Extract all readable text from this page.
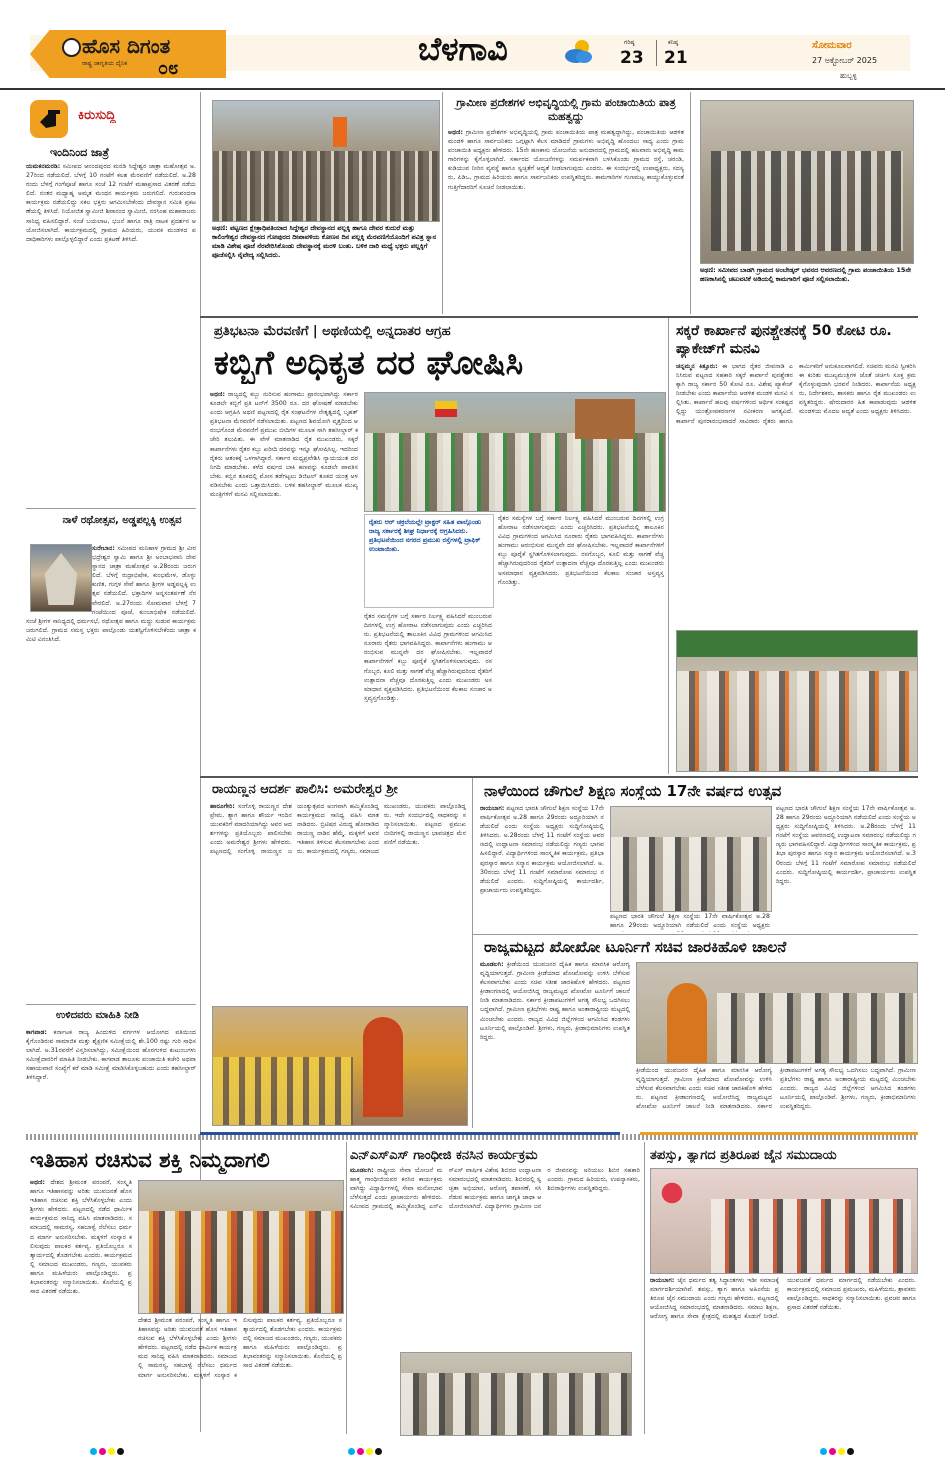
ಹೊಸ ದಿಗಂತ
ರಾಷ್ಟ್ರ ಜಾಗೃತಿಯ ದೈನಿಕ ೦೮
ಬೆಳಗಾವಿ	ಗರಿಷ್ಠ
23
ಕನಿಷ್ಠ
21
ಸೋಮವಾರ
27 ಅಕ್ಟೋಬರ್ 2025
ಹುಬ್ಬಳ್ಳಿ
ಕಿರುಸುದ್ದಿ
ಇಂದಿನಿಂದ ಜಾತ್ರೆ
ಯಮಕನಮರಡಿ: ಸಮೀಪದ ಆನಂದಪುರದ ಮರಡಿ ಸಿದ್ದೇಶ್ವರ ಜಾತ್ರಾ ಮಹೋತ್ಸವ ಅ.27ರಿಂದ ನಡೆಯಲಿದೆ. ಬೆಳಗ್ಗೆ 10 ಗಂಟೆಗೆ ಕಲಶ ಮೆರವಣಿಗೆ ನಡೆಯಲಿದೆ. ಅ.28 ರಂದು ಬೆಳಗ್ಗೆ ಗಂಗೆಪೂಜೆ ಹಾಗೂ ಸಂಜೆ 12 ಗಂಟೆಗೆ ಮಹಾಪ್ರಸಾದ ವಿತರಣೆ ನಡೆಯಲಿದೆ. ನಂತರ ಮಧ್ಯಾಹ್ನ ಅಮೃತ ಮಂಥನ ಕಾರ್ಯಕ್ರಮ ಜರುಗಲಿದೆ. ಗುರುವಂದನಾ ಕಾರ್ಯಕ್ರಮ ನಡೆಯಲಿದ್ದು ಸಕಲ ಭಕ್ತರು ಆಗಮಿಸಬೇಕೆಂದು ದೇವಸ್ಥಾನ ಸಮಿತಿ ಪ್ರಕಟಣೆಯಲ್ಲಿ ತಿಳಿಸಿದೆ. ನಿಯೋಜಿತ ಸ್ವಾಮೀಜಿ ಶಿವಾನಂದ ಸ್ವಾಮೀಜಿ, ನರಸಿಂಹ ಮಹಾರಾಜರು ಸಾನಿಧ್ಯ ವಹಿಸಲಿದ್ದಾರೆ. ಸಂಜೆ ಬಯಲಾಟ, ಭಜನೆ ಹಾಗೂ ರಾತ್ರಿ ನಾಟಕ ಪ್ರದರ್ಶನ ಆಯೋಜಿಸಲಾಗಿದೆ. ಕಾರ್ಯಕ್ರಮದಲ್ಲಿ ಗ್ರಾಮದ ಹಿರಿಯರು, ಯುವಕ ಮಂಡಳದ ಪದಾಧಿಕಾರಿಗಳು ಪಾಲ್ಗೊಳ್ಳಲಿದ್ದಾರೆ ಎಂದು ಪ್ರಕಟಣೆ ತಿಳಿಸಿದೆ.
ನಾಳೆ ರಥೋತ್ಸವ, ಅಡ್ಡಪಲ್ಲಕ್ಕಿ ಉತ್ಸವ
ಸುರೇಬಾನ: ಸಮೀಪದ ಮನಿಹಾಳ ಗ್ರಾಮದ ಶ್ರೀ ವೀರಭದ್ರೇಶ್ವರ ಸ್ವಾಮಿ ಹಾಗೂ ಶ್ರೀ ಅಂಬಾಭವಾನಿ ದೇವಸ್ಥಾನದ ಜಾತ್ರಾ ಮಹೋತ್ಸವ ಅ.28ರಂದು ಜರುಗಲಿದೆ. ಬೆಳಗ್ಗೆ ರುದ್ರಾಭಿಷೇಕ, ಕುಂಭಮೇಳ, ಡೊಳ್ಳು ಕುಣಿತ, ಗುಗ್ಗಳ ಸೇವೆ ಹಾಗೂ ಶ್ರೀಗಳ ಅಡ್ಡಪಲ್ಲಕ್ಕಿ ಉತ್ಸವ ನಡೆಯಲಿದೆ. ಭಕ್ತಾದಿಗಳ ಅನ್ನಸಂತರ್ಪಣೆ ನೆರವೇರಲಿದೆ. ಅ.27ರಂದು ಸೋಮವಾರ ಬೆಳಗ್ಗೆ 7 ಗಂಟೆಯಿಂದ ಪೂಜೆ, ಕುಂಬಾಭಿಷೇಕ ನಡೆಯಲಿದೆ. ಸಂಜೆ ಶ್ರೀಗಳ ಸಾನಿಧ್ಯದಲ್ಲಿ ಧರ್ಮಸಭೆ, ರಥೋತ್ಸವ ಹಾಗೂ ಮದ್ದು ಸುಡುವ ಕಾರ್ಯಕ್ರಮ ಜರುಗಲಿದೆ. ಗ್ರಾಮದ ಸಮಸ್ತ ಭಕ್ತರು ಪಾಲ್ಗೊಂಡು ಯಶಸ್ವಿಗೊಳಿಸಬೇಕೆಂದು ಜಾತ್ರಾ ಕಮಿಟಿ ವಿನಂತಿಸಿದೆ.
ಉಳಿದವರು ಮಾಹಿತಿ ನೀಡಿ
ಕಾಗವಾಡ: ಕರ್ನಾಟಕ ರಾಜ್ಯ ಹಿಂದುಳಿದ ವರ್ಗಗಳ ಆಯೋಗದ ವತಿಯಿಂದ ಕೈಗೊಂಡಿರುವ ಸಾಮಾಜಿಕ ಮತ್ತು ಶೈಕ್ಷಣಿಕ ಸಮೀಕ್ಷೆಯಲ್ಲಿ ಶೇ.100 ರಷ್ಟು ಗುರಿ ಸಾಧಿಸಲಾಗಿದೆ. ಅ.31ರವರೆಗೆ ವಿಸ್ತರಿಸಲಾಗಿದ್ದು, ಸಮೀಕ್ಷೆಯಿಂದ ಹೊರಗುಳಿದ ಕುಟುಂಬಗಳು ಸಮೀಕ್ಷೆದಾರರಿಗೆ ಮಾಹಿತಿ ನೀಡಬೇಕು. ಕಾಗವಾಡ ತಾಲೂಕು ಪಂಚಾಯಿತಿ ಕಚೇರಿ ಅಥವಾ ಸಹಾಯವಾಣಿ ಸಂಖ್ಯೆಗೆ ಕರೆ ಮಾಡಿ ಸಮೀಕ್ಷೆ ಮಾಡಿಸಿಕೊಳ್ಳಬಹುದು ಎಂದು ತಹಸೀಲ್ದಾರ್ ತಿಳಿಸಿದ್ದಾರೆ.
ಅಥಣಿ: ಪಟ್ಟಣದ ಕ್ಷೇತ್ರಾಧಿಪತಿಯಾದ ಸಿದ್ದೇಶ್ವರ ದೇವಸ್ಥಾನದ ಪಲ್ಲಕ್ಕಿ ಹಾಗೂ ದೇವರ ಕುದುರೆ ಮತ್ತು ಕಾಲಿಂಗೇಶ್ವರ ದೇವಸ್ಥಾನದ ಗೋಪುರದ ದೀಪಾವಳಿಯ ಕೋಣನ ದಿನ ಪಲ್ಲಕ್ಕಿ ಮೆರವಣಿಗೆಯೊಂದಿಗೆ ಪವಿತ್ರ ಸ್ನಾನ ಮಾಡಿ ವಿಶೇಷ ಪೂಜೆ ನೆರವೇರಿಸಿಕೊಂಡು ದೇವಸ್ಥಾನಕ್ಕೆ ಮರಳಿ ಬಂತು. ಬಳಿಕ ದಾರಿ ಮಧ್ಯೆ ಭಕ್ತರು ಪಲ್ಲಕ್ಕಿಗೆ ಪೂಜೆಸಲ್ಲಿಸಿ ನೈವೇದ್ಯ ಸಲ್ಲಿಸಿದರು.
ಗ್ರಾಮೀಣ ಪ್ರದೇಶಗಳ ಅಭಿವೃದ್ಧಿಯಲ್ಲಿ ಗ್ರಾಮ ಪಂಚಾಯಿತಿಯ ಪಾತ್ರ ಮಹತ್ವದ್ದು
ಅಥಣಿ: ಗ್ರಾಮೀಣ ಪ್ರದೇಶಗಳ ಅಭಿವೃದ್ಧಿಯಲ್ಲಿ ಗ್ರಾಮ ಪಂಚಾಯಿತಿಯ ಪಾತ್ರ ಮಹತ್ವದ್ದಾಗಿದ್ದು, ಪಂಚಾಯಿತಿಯ ಆಡಳಿತ ಮಂಡಳಿ ಹಾಗೂ ಸಾರ್ವಜನಿಕರು ಒಗ್ಗಟ್ಟಾಗಿ ಕೆಲಸ ಮಾಡಿದರೆ ಗ್ರಾಮಗಳು ಅಭಿವೃದ್ಧಿ ಹೊಂದಲು ಸಾಧ್ಯ ಎಂದು ಗ್ರಾಮ ಪಂಚಾಯಿತಿ ಅಧ್ಯಕ್ಷರು ಹೇಳಿದರು. 15ನೇ ಹಣಕಾಸು ಯೋಜನೆಯ ಅನುದಾನದಲ್ಲಿ ಗ್ರಾಮದಲ್ಲಿ ಹಲವಾರು ಅಭಿವೃದ್ಧಿ ಕಾಮಗಾರಿಗಳನ್ನು ಕೈಗೊಳ್ಳಲಾಗಿದೆ. ಸರ್ಕಾರದ ಯೋಜನೆಗಳನ್ನು ಸಮರ್ಪಕವಾಗಿ ಬಳಸಿಕೊಂಡು ಗ್ರಾಮದ ರಸ್ತೆ, ಚರಂಡಿ, ಕುಡಿಯುವ ನೀರಿನ ವ್ಯವಸ್ಥೆ ಹಾಗೂ ಸ್ವಚ್ಛತೆಗೆ ಆದ್ಯತೆ ನೀಡಲಾಗುವುದು ಎಂದರು. ಈ ಸಂದರ್ಭದಲ್ಲಿ ಉಪಾಧ್ಯಕ್ಷರು, ಸದಸ್ಯರು, ಪಿಡಿಒ, ಗ್ರಾಮದ ಹಿರಿಯರು ಹಾಗೂ ಸಾರ್ವಜನಿಕರು ಉಪಸ್ಥಿತರಿದ್ದರು. ಕಾಮಗಾರಿಗಳ ಗುಣಮಟ್ಟ ಕಾಯ್ದುಕೊಳ್ಳುವಂತೆ ಗುತ್ತಿಗೆದಾರರಿಗೆ ಸೂಚನೆ ನೀಡಲಾಯಿತು.
ಅಥಣಿ: ಸಮೀಪದ ಬಾಡಗಿ ಗ್ರಾಮದ ಅಂಬೇಡ್ಕರ್ ಭವನದ ಆವರಣದಲ್ಲಿ ಗ್ರಾಮ ಪಂಚಾಯಿತಿಯ 15ನೇ ಹಣಕಾಸಿನಲ್ಲಿ ಚಟುವಟಿಕೆ ಅಡಿಯಲ್ಲಿ ಕಾಮಗಾರಿಗೆ ಪೂಜೆ ಸಲ್ಲಿಸಲಾಯಿತು.
ಪ್ರತಿಭಟನಾ ಮೆರವಣಿಗೆ | ಅಥಣಿಯಲ್ಲಿ ಅನ್ನದಾತರ ಆಗ್ರಹ
ಕಬ್ಬಿಗೆ ಅಧಿಕೃತ ದರ ಘೋಷಿಸಿ
ಅಥಣಿ: ರಾಜ್ಯದಲ್ಲಿ ಕಬ್ಬು ನುರಿಸುವ ಹಂಗಾಮು ಪ್ರಾರಂಭವಾಗಿದ್ದು ಸರ್ಕಾರ ಕೂಡಲೇ ಕಬ್ಬಿಗೆ ಪ್ರತಿ ಟನ್‌ಗೆ 3500 ರೂ. ದರ ಘೋಷಣೆ ಮಾಡಬೇಕು ಎಂದು ಆಗ್ರಹಿಸಿ ಅಥಣಿ ಪಟ್ಟಣದಲ್ಲಿ ರೈತ ಸಂಘಟನೆಗಳ ನೇತೃತ್ವದಲ್ಲಿ ಬೃಹತ್ ಪ್ರತಿಭಟನಾ ಮೆರವಣಿಗೆ ನಡೆಸಲಾಯಿತು. ಪಟ್ಟಣದ ಶಿವಯೋಗಿ ವೃತ್ತದಿಂದ ಆರಂಭಗೊಂಡ ಮೆರವಣಿಗೆ ಪ್ರಮುಖ ಬೀದಿಗಳ ಮೂಲಕ ಸಾಗಿ ತಹಸೀಲ್ದಾರ್ ಕಚೇರಿ ತಲುಪಿತು. ಈ ವೇಳೆ ಮಾತನಾಡಿದ ರೈತ ಮುಖಂಡರು, ಸಕ್ಕರೆ ಕಾರ್ಖಾನೆಗಳು ರೈತರ ಕಬ್ಬು ಖರೀದಿ ದರವನ್ನು ಇನ್ನೂ ಘೋಷಿಸಿಲ್ಲ. ಇದರಿಂದ ರೈತರು ಆತಂಕಕ್ಕೆ ಒಳಗಾಗಿದ್ದಾರೆ. ಸರ್ಕಾರ ಮಧ್ಯಪ್ರವೇಶಿಸಿ ನ್ಯಾಯಯುತ ದರ ನಿಗದಿ ಮಾಡಬೇಕು. ಕಳೆದ ವರ್ಷದ ಬಾಕಿ ಹಣವನ್ನು ಕೂಡಲೇ ಪಾವತಿಸಬೇಕು. ಕಬ್ಬಿನ ತೂಕದಲ್ಲಿ ಮೋಸ ತಡೆಗಟ್ಟಲು ಡಿಜಿಟಲ್ ತೂಕದ ಯಂತ್ರ ಅಳವಡಿಸಬೇಕು ಎಂದು ಒತ್ತಾಯಿಸಿದರು. ಬಳಿಕ ತಹಸೀಲ್ದಾರ್ ಮೂಲಕ ಮುಖ್ಯಮಂತ್ರಿಗಳಿಗೆ ಮನವಿ ಸಲ್ಲಿಸಲಾಯಿತು.
ರೈತರು ಆರ್ ಚಕ್ರಲೆಯಲ್ಲೇ ಟ್ರಾಕ್ಟರ್‌ ಸಹಿತ ಪಾಲ್ಗೊಂಡು ರಾಜ್ಯ ಸರ್ಕಾರಕ್ಕೆ ಶೀಘ್ರ ನಿರ್ಧಾರಕ್ಕೆ ಆಗ್ರಹಿಸಿದರು. ಪ್ರತಿಭಟನೆಯಿಂದ ನಗರದ ಪ್ರಮುಖ ರಸ್ತೆಗಳಲ್ಲಿ ಟ್ರಾಫಿಕ್ ಉಂಟಾಯಿತು.
ರೈತರ ಸಮಸ್ಯೆಗಳ ಬಗ್ಗೆ ಸರ್ಕಾರ ನಿರ್ಲಕ್ಷ್ಯ ವಹಿಸಿದರೆ ಮುಂಬರುವ ದಿನಗಳಲ್ಲಿ ಉಗ್ರ ಹೋರಾಟ ನಡೆಸಲಾಗುವುದು ಎಂದು ಎಚ್ಚರಿಸಿದರು. ಪ್ರತಿಭಟನೆಯಲ್ಲಿ ತಾಲೂಕಿನ ವಿವಿಧ ಗ್ರಾಮಗಳಿಂದ ಆಗಮಿಸಿದ ನೂರಾರು ರೈತರು ಭಾಗವಹಿಸಿದ್ದರು. ಕಾರ್ಖಾನೆಗಳು ಹಂಗಾಮು ಆರಂಭಿಸುವ ಮುನ್ನವೇ ದರ ಘೋಷಿಸಬೇಕು. ಇಲ್ಲವಾದರೆ ಕಾರ್ಖಾನೆಗಳಿಗೆ ಕಬ್ಬು ಪೂರೈಕೆ ಸ್ಥಗಿತಗೊಳಿಸಲಾಗುವುದು. ರಸಗೊಬ್ಬರ, ಕೂಲಿ ಮತ್ತು ಸಾಗಣೆ ವೆಚ್ಚ ಹೆಚ್ಚಾಗಿರುವುದರಿಂದ ರೈತರಿಗೆ ಉತ್ಪಾದನಾ ವೆಚ್ಚವೂ ದೊರಕುತ್ತಿಲ್ಲ ಎಂದು ಮುಖಂಡರು ಅಸಮಾಧಾನ ವ್ಯಕ್ತಪಡಿಸಿದರು. ಪ್ರತಿಭಟನೆಯಿಂದ ಕೆಲಕಾಲ ಸಂಚಾರ ಅಸ್ತವ್ಯಸ್ತಗೊಂಡಿತ್ತು.
ರೈತರ ಸಮಸ್ಯೆಗಳ ಬಗ್ಗೆ ಸರ್ಕಾರ ನಿರ್ಲಕ್ಷ್ಯ ವಹಿಸಿದರೆ ಮುಂಬರುವ ದಿನಗಳಲ್ಲಿ ಉಗ್ರ ಹೋರಾಟ ನಡೆಸಲಾಗುವುದು ಎಂದು ಎಚ್ಚರಿಸಿದರು. ಪ್ರತಿಭಟನೆಯಲ್ಲಿ ತಾಲೂಕಿನ ವಿವಿಧ ಗ್ರಾಮಗಳಿಂದ ಆಗಮಿಸಿದ ನೂರಾರು ರೈತರು ಭಾಗವಹಿಸಿದ್ದರು. ಕಾರ್ಖಾನೆಗಳು ಹಂಗಾಮು ಆರಂಭಿಸುವ ಮುನ್ನವೇ ದರ ಘೋಷಿಸಬೇಕು. ಇಲ್ಲವಾದರೆ ಕಾರ್ಖಾನೆಗಳಿಗೆ ಕಬ್ಬು ಪೂರೈಕೆ ಸ್ಥಗಿತಗೊಳಿಸಲಾಗುವುದು. ರಸಗೊಬ್ಬರ, ಕೂಲಿ ಮತ್ತು ಸಾಗಣೆ ವೆಚ್ಚ ಹೆಚ್ಚಾಗಿರುವುದರಿಂದ ರೈತರಿಗೆ ಉತ್ಪಾದನಾ ವೆಚ್ಚವೂ ದೊರಕುತ್ತಿಲ್ಲ ಎಂದು ಮುಖಂಡರು ಅಸಮಾಧಾನ ವ್ಯಕ್ತಪಡಿಸಿದರು. ಪ್ರತಿಭಟನೆಯಿಂದ ಕೆಲಕಾಲ ಸಂಚಾರ ಅಸ್ತವ್ಯಸ್ತಗೊಂಡಿತ್ತು.
ಸಕ್ಕರೆ ಕಾರ್ಖಾನೆ ಪುನಶ್ಚೇತನಕ್ಕೆ 50 ಕೋಟಿ ರೂ. ಪ್ಯಾಕೇಜ್‌ಗೆ ಮನವಿ
ಚನ್ನಮ್ಮನ ಕಿತ್ತೂರು: ಈ ಭಾಗದ ರೈತರ ಜೀವನಾಡಿ ಎನಿಸಿರುವ ಪಟ್ಟಣದ ಸಹಕಾರಿ ಸಕ್ಕರೆ ಕಾರ್ಖಾನೆ ಪುನಶ್ಚೇತನಕ್ಕಾಗಿ ರಾಜ್ಯ ಸರ್ಕಾರ 50 ಕೋಟಿ ರೂ. ವಿಶೇಷ ಪ್ಯಾಕೇಜ್ ನೀಡಬೇಕು ಎಂದು ಕಾರ್ಖಾನೆಯ ಆಡಳಿತ ಮಂಡಳಿ ಮನವಿ ಸಲ್ಲಿಸಿತು. ಕಾರ್ಖಾನೆ ಹಲವು ವರ್ಷಗಳಿಂದ ಆರ್ಥಿಕ ಸಂಕಷ್ಟದಲ್ಲಿದ್ದು ಯಂತ್ರೋಪಕರಣಗಳ ನವೀಕರಣ ಅಗತ್ಯವಿದೆ. ಕಾರ್ಖಾನೆ ಪುನರಾರಂಭವಾದರೆ ಸಾವಿರಾರು ರೈತರು ಹಾಗೂ ಕಾರ್ಮಿಕರಿಗೆ ಅನುಕೂಲವಾಗಲಿದೆ. ಸಚಿವರು ಮನವಿ ಸ್ವೀಕರಿಸಿ ಈ ಕುರಿತು ಮುಖ್ಯಮಂತ್ರಿಗಳ ಜೊತೆ ಚರ್ಚಿಸಿ ಸೂಕ್ತ ಕ್ರಮ ಕೈಗೊಳ್ಳುವುದಾಗಿ ಭರವಸೆ ನೀಡಿದರು. ಕಾರ್ಖಾನೆಯ ಅಧ್ಯಕ್ಷರು, ನಿರ್ದೇಶಕರು, ಶಾಸಕರು ಹಾಗೂ ರೈತ ಮುಖಂಡರು ಉಪಸ್ಥಿತರಿದ್ದರು. ಷೇರುದಾರರ ಹಿತ ಕಾಪಾಡುವುದು ಆಡಳಿತ ಮಂಡಳಿಯ ಮೊದಲ ಆದ್ಯತೆ ಎಂದು ಅಧ್ಯಕ್ಷರು ತಿಳಿಸಿದರು.
ರಾಯಣ್ಣನ ಆದರ್ಶ ಪಾಲಿಸಿ: ಅಮರೇಶ್ವರ ಶ್ರೀ
ಹಾರೂಗೇರಿ: ಸಂಗೊಳ್ಳಿ ರಾಯಣ್ಣನ ದೇಶಪ್ರೇಮ, ತ್ಯಾಗ ಹಾಗೂ ಶೌರ್ಯ ಇಂದಿನ ಯುವಕರಿಗೆ ಮಾದರಿಯಾಗಿದ್ದು ಅವರ ಆದರ್ಶಗಳನ್ನು ಪ್ರತಿಯೊಬ್ಬರು ಪಾಲಿಸಬೇಕು ಎಂದು ಅಮರೇಶ್ವರ ಶ್ರೀಗಳು ಹೇಳಿದರು. ಪಟ್ಟಣದಲ್ಲಿ ಸಂಗೊಳ್ಳಿ ರಾಯಣ್ಣನ ಜಯಂತ್ಯುತ್ಸವದ ಅಂಗವಾಗಿ ಹಮ್ಮಿಕೊಂಡಿದ್ದ ಕಾರ್ಯಕ್ರಮದ ಸಾನಿಧ್ಯ ವಹಿಸಿ ಮಾತನಾಡಿದರು. ಬ್ರಿಟಿಷರ ವಿರುದ್ಧ ಹೋರಾಡಿದ ರಾಯಣ್ಣ ನಾಡಿನ ಹೆಮ್ಮೆ. ಮಕ್ಕಳಿಗೆ ಅವರ ಇತಿಹಾಸ ತಿಳಿಸುವ ಕೆಲಸವಾಗಬೇಕು ಎಂದರು. ಕಾರ್ಯಕ್ರಮದಲ್ಲಿ ಗಣ್ಯರು, ಸಮಾಜದ ಮುಖಂಡರು, ಯುವಕರು ಪಾಲ್ಗೊಂಡಿದ್ದರು. ಇದೇ ಸಂದರ್ಭದಲ್ಲಿ ಸಾಧಕರನ್ನು ಸನ್ಮಾನಿಸಲಾಯಿತು. ಪಟ್ಟಣದ ಪ್ರಮುಖ ಬೀದಿಗಳಲ್ಲಿ ರಾಯಣ್ಣನ ಭಾವಚಿತ್ರದ ಮೆರವಣಿಗೆ ನಡೆಯಿತು.
ನಾಳೆಯಿಂದ ಚೌಗುಲೆ ಶಿಕ್ಷಣ ಸಂಸ್ಥೆಯ 17ನೇ ವರ್ಷದ ಉತ್ಸವ
ರಾಯಬಾಗ: ಪಟ್ಟಣದ ಭಾರತಿ ಚೌಗುಲೆ ಶಿಕ್ಷಣ ಸಂಸ್ಥೆಯ 17ನೇ ವಾರ್ಷಿಕೋತ್ಸವ ಅ.28 ಹಾಗೂ 29ರಂದು ಅದ್ದೂರಿಯಾಗಿ ನಡೆಯಲಿದೆ ಎಂದು ಸಂಸ್ಥೆಯ ಅಧ್ಯಕ್ಷರು ಸುದ್ದಿಗೋಷ್ಠಿಯಲ್ಲಿ ತಿಳಿಸಿದರು. ಅ.28ರಂದು ಬೆಳಗ್ಗೆ 11 ಗಂಟೆಗೆ ಸಂಸ್ಥೆಯ ಆವರಣದಲ್ಲಿ ಉದ್ಘಾಟನಾ ಸಮಾರಂಭ ನಡೆಯಲಿದ್ದು ಗಣ್ಯರು ಭಾಗವಹಿಸಲಿದ್ದಾರೆ. ವಿದ್ಯಾರ್ಥಿಗಳಿಂದ ಸಾಂಸ್ಕೃತಿಕ ಕಾರ್ಯಕ್ರಮ, ಪ್ರತಿಭಾ ಪುರಸ್ಕಾರ ಹಾಗೂ ಸನ್ಮಾನ ಕಾರ್ಯಕ್ರಮ ಆಯೋಜಿಸಲಾಗಿದೆ. ಅ.30ರಂದು ಬೆಳಗ್ಗೆ 11 ಗಂಟೆಗೆ ಸಮಾರೋಪ ಸಮಾರಂಭ ನಡೆಯಲಿದೆ ಎಂದರು. ಸುದ್ದಿಗೋಷ್ಠಿಯಲ್ಲಿ ಕಾರ್ಯದರ್ಶಿ, ಪ್ರಾಚಾರ್ಯರು ಉಪಸ್ಥಿತರಿದ್ದರು.
ಪಟ್ಟಣದ ಭಾರತಿ ಚೌಗುಲೆ ಶಿಕ್ಷಣ ಸಂಸ್ಥೆಯ 17ನೇ ವಾರ್ಷಿಕೋತ್ಸವ ಅ.28 ಹಾಗೂ 29ರಂದು ಅದ್ದೂರಿಯಾಗಿ ನಡೆಯಲಿದೆ ಎಂದು ಸಂಸ್ಥೆಯ ಅಧ್ಯಕ್ಷರು ಸುದ್ದಿಗೋಷ್ಠಿಯಲ್ಲಿ ತಿಳಿಸಿದರು. ಅ.28ರಂದು ಬೆಳಗ್ಗೆ 11 ಗಂಟೆಗೆ ಸಂಸ್ಥೆಯ ಆವರಣದಲ್ಲಿ ಉದ್ಘಾಟನಾ ಸಮಾರಂಭ ನಡೆಯಲಿದ್ದು ಗಣ್ಯರು ಭಾಗವಹಿಸಲಿದ್ದಾರೆ. ವಿದ್ಯಾರ್ಥಿಗಳಿಂದ ಸಾಂಸ್ಕೃತಿಕ ಕಾರ್ಯಕ್ರಮ, ಪ್ರತಿಭಾ ಪುರಸ್ಕಾರ ಹಾಗೂ ಸನ್ಮಾನ ಕಾರ್ಯಕ್ರಮ ಆಯೋಜಿಸಲಾಗಿದೆ. ಅ.30ರಂದು ಬೆಳಗ್ಗೆ 11 ಗಂಟೆಗೆ ಸಮಾರೋಪ ಸಮಾರಂಭ ನಡೆಯಲಿದೆ ಎಂದರು. ಸುದ್ದಿಗೋಷ್ಠಿಯಲ್ಲಿ ಕಾರ್ಯದರ್ಶಿ, ಪ್ರಾಚಾರ್ಯರು ಉಪಸ್ಥಿತರಿದ್ದರು.
ಪಟ್ಟಣದ ಭಾರತಿ ಚೌಗುಲೆ ಶಿಕ್ಷಣ ಸಂಸ್ಥೆಯ 17ನೇ ವಾರ್ಷಿಕೋತ್ಸವ ಅ.28 ಹಾಗೂ 29ರಂದು ಅದ್ದೂರಿಯಾಗಿ ನಡೆಯಲಿದೆ ಎಂದು ಸಂಸ್ಥೆಯ ಅಧ್ಯಕ್ಷರು
ರಾಜ್ಯಮಟ್ಟದ ಖೋಖೋ ಟೂರ್ನಿಗೆ ಸಚಿವ ಜಾರಕಿಹೊಳಿ ಚಾಲನೆ
ಮೂಡಲಗಿ: ಕ್ರೀಡೆಯಿಂದ ಯುವಜನರ ದೈಹಿಕ ಹಾಗೂ ಮಾನಸಿಕ ಆರೋಗ್ಯ ವೃದ್ಧಿಯಾಗುತ್ತದೆ. ಗ್ರಾಮೀಣ ಕ್ರೀಡೆಯಾದ ಖೋಖೋವನ್ನು ಉಳಿಸಿ ಬೆಳೆಸುವ ಕೆಲಸವಾಗಬೇಕು ಎಂದು ಸಚಿವ ಸತೀಶ ಜಾರಕಿಹೊಳಿ ಹೇಳಿದರು. ಪಟ್ಟಣದ ಕ್ರೀಡಾಂಗಣದಲ್ಲಿ ಆಯೋಜಿಸಿದ್ದ ರಾಜ್ಯಮಟ್ಟದ ಖೋಖೋ ಟೂರ್ನಿಗೆ ಚಾಲನೆ ನೀಡಿ ಮಾತನಾಡಿದರು. ಸರ್ಕಾರ ಕ್ರೀಡಾಪಟುಗಳಿಗೆ ಅಗತ್ಯ ಸೌಲಭ್ಯ ಒದಗಿಸಲು ಬದ್ಧವಾಗಿದೆ. ಗ್ರಾಮೀಣ ಪ್ರತಿಭೆಗಳು ರಾಷ್ಟ್ರ ಹಾಗೂ ಅಂತಾರಾಷ್ಟ್ರೀಯ ಮಟ್ಟದಲ್ಲಿ ಮಿಂಚಬೇಕು ಎಂದರು. ರಾಜ್ಯದ ವಿವಿಧ ಜಿಲ್ಲೆಗಳಿಂದ ಆಗಮಿಸಿದ ತಂಡಗಳು ಟೂರ್ನಿಯಲ್ಲಿ ಪಾಲ್ಗೊಂಡಿವೆ. ಶ್ರೀಗಳು, ಗಣ್ಯರು, ಕ್ರೀಡಾಭಿಮಾನಿಗಳು ಉಪಸ್ಥಿತರಿದ್ದರು.
ಕ್ರೀಡೆಯಿಂದ ಯುವಜನರ ದೈಹಿಕ ಹಾಗೂ ಮಾನಸಿಕ ಆರೋಗ್ಯ ವೃದ್ಧಿಯಾಗುತ್ತದೆ. ಗ್ರಾಮೀಣ ಕ್ರೀಡೆಯಾದ ಖೋಖೋವನ್ನು ಉಳಿಸಿ ಬೆಳೆಸುವ ಕೆಲಸವಾಗಬೇಕು ಎಂದು ಸಚಿವ ಸತೀಶ ಜಾರಕಿಹೊಳಿ ಹೇಳಿದರು. ಪಟ್ಟಣದ ಕ್ರೀಡಾಂಗಣದಲ್ಲಿ ಆಯೋಜಿಸಿದ್ದ ರಾಜ್ಯಮಟ್ಟದ ಖೋಖೋ ಟೂರ್ನಿಗೆ ಚಾಲನೆ ನೀಡಿ ಮಾತನಾಡಿದರು. ಸರ್ಕಾರ ಕ್ರೀಡಾಪಟುಗಳಿಗೆ ಅಗತ್ಯ ಸೌಲಭ್ಯ ಒದಗಿಸಲು ಬದ್ಧವಾಗಿದೆ. ಗ್ರಾಮೀಣ ಪ್ರತಿಭೆಗಳು ರಾಷ್ಟ್ರ ಹಾಗೂ ಅಂತಾರಾಷ್ಟ್ರೀಯ ಮಟ್ಟದಲ್ಲಿ ಮಿಂಚಬೇಕು ಎಂದರು. ರಾಜ್ಯದ ವಿವಿಧ ಜಿಲ್ಲೆಗಳಿಂದ ಆಗಮಿಸಿದ ತಂಡಗಳು ಟೂರ್ನಿಯಲ್ಲಿ ಪಾಲ್ಗೊಂಡಿವೆ. ಶ್ರೀಗಳು, ಗಣ್ಯರು, ಕ್ರೀಡಾಭಿಮಾನಿಗಳು ಉಪಸ್ಥಿತರಿದ್ದರು.
ಇತಿಹಾಸ ರಚಿಸುವ ಶಕ್ತಿ ನಿಮ್ಮದಾಗಲಿ
ಅಥಣಿ: ದೇಶದ ಶ್ರೀಮಂತ ಪರಂಪರೆ, ಸಂಸ್ಕೃತಿ ಹಾಗೂ ಇತಿಹಾಸವನ್ನು ಅರಿತು ಯುವಜನತೆ ಹೊಸ ಇತಿಹಾಸ ರಚಿಸುವ ಶಕ್ತಿ ಬೆಳೆಸಿಕೊಳ್ಳಬೇಕು ಎಂದು ಶ್ರೀಗಳು ಹೇಳಿದರು. ಪಟ್ಟಣದಲ್ಲಿ ನಡೆದ ಧಾರ್ಮಿಕ ಕಾರ್ಯಕ್ರಮದ ಸಾನಿಧ್ಯ ವಹಿಸಿ ಮಾತನಾಡಿದರು. ಸಮಾಜದಲ್ಲಿ ಸಾಮರಸ್ಯ, ಸಹಬಾಳ್ವೆ ನೆಲೆಸಲು ಧರ್ಮದ ಮಾರ್ಗ ಅನುಸರಿಸಬೇಕು. ಮಕ್ಕಳಿಗೆ ಸಂಸ್ಕಾರ ಕಲಿಸುವುದು ಪಾಲಕರ ಕರ್ತವ್ಯ. ಪ್ರತಿಯೊಬ್ಬರೂ ಸತ್ಕಾರ್ಯದಲ್ಲಿ ತೊಡಗಬೇಕು ಎಂದರು. ಕಾರ್ಯಕ್ರಮದಲ್ಲಿ ಸಮಾಜದ ಮುಖಂಡರು, ಗಣ್ಯರು, ಯುವಕರು ಹಾಗೂ ಮಹಿಳೆಯರು ಪಾಲ್ಗೊಂಡಿದ್ದರು. ಪ್ರತಿಭಾವಂತರನ್ನು ಸನ್ಮಾನಿಸಲಾಯಿತು. ಕೊನೆಯಲ್ಲಿ ಪ್ರಸಾದ ವಿತರಣೆ ನಡೆಯಿತು.
ದೇಶದ ಶ್ರೀಮಂತ ಪರಂಪರೆ, ಸಂಸ್ಕೃತಿ ಹಾಗೂ ಇತಿಹಾಸವನ್ನು ಅರಿತು ಯುವಜನತೆ ಹೊಸ ಇತಿಹಾಸ ರಚಿಸುವ ಶಕ್ತಿ ಬೆಳೆಸಿಕೊಳ್ಳಬೇಕು ಎಂದು ಶ್ರೀಗಳು ಹೇಳಿದರು. ಪಟ್ಟಣದಲ್ಲಿ ನಡೆದ ಧಾರ್ಮಿಕ ಕಾರ್ಯಕ್ರಮದ ಸಾನಿಧ್ಯ ವಹಿಸಿ ಮಾತನಾಡಿದರು. ಸಮಾಜದಲ್ಲಿ ಸಾಮರಸ್ಯ, ಸಹಬಾಳ್ವೆ ನೆಲೆಸಲು ಧರ್ಮದ ಮಾರ್ಗ ಅನುಸರಿಸಬೇಕು. ಮಕ್ಕಳಿಗೆ ಸಂಸ್ಕಾರ ಕಲಿಸುವುದು ಪಾಲಕರ ಕರ್ತವ್ಯ. ಪ್ರತಿಯೊಬ್ಬರೂ ಸತ್ಕಾರ್ಯದಲ್ಲಿ ತೊಡಗಬೇಕು ಎಂದರು. ಕಾರ್ಯಕ್ರಮದಲ್ಲಿ ಸಮಾಜದ ಮುಖಂಡರು, ಗಣ್ಯರು, ಯುವಕರು ಹಾಗೂ ಮಹಿಳೆಯರು ಪಾಲ್ಗೊಂಡಿದ್ದರು. ಪ್ರತಿಭಾವಂತರನ್ನು ಸನ್ಮಾನಿಸಲಾಯಿತು. ಕೊನೆಯಲ್ಲಿ ಪ್ರಸಾದ ವಿತರಣೆ ನಡೆಯಿತು.
ಎನ್‌ಎಸ್‌ಎಸ್ ಗಾಂಧೀಜಿ ಕನಸಿನ ಕಾರ್ಯಕ್ರಮ
ಮೂಡಲಗಿ: ರಾಷ್ಟ್ರೀಯ ಸೇವಾ ಯೋಜನೆ ಮಹಾತ್ಮ ಗಾಂಧೀಜಿಯವರ ಕನಸಿನ ಕಾರ್ಯಕ್ರಮವಾಗಿದ್ದು ವಿದ್ಯಾರ್ಥಿಗಳಲ್ಲಿ ಸೇವಾ ಮನೋಭಾವ ಬೆಳೆಸುತ್ತದೆ ಎಂದು ಪ್ರಾಚಾರ್ಯರು ಹೇಳಿದರು. ಸಮೀಪದ ಗ್ರಾಮದಲ್ಲಿ ಹಮ್ಮಿಕೊಂಡಿದ್ದ ಎನ್‌ಎಸ್‌ಎಸ್ ವಾರ್ಷಿಕ ವಿಶೇಷ ಶಿಬಿರದ ಉದ್ಘಾಟನಾ ಸಮಾರಂಭದಲ್ಲಿ ಮಾತನಾಡಿದರು. ಶಿಬಿರದಲ್ಲಿ ಸ್ವಚ್ಛತಾ ಅಭಿಯಾನ, ಆರೋಗ್ಯ ತಪಾಸಣೆ, ಸಸಿ ನೆಡುವ ಕಾರ್ಯಕ್ರಮ ಹಾಗೂ ಜಾಗೃತಿ ಜಾಥಾ ಆಯೋಜಿಸಲಾಗಿದೆ. ವಿದ್ಯಾರ್ಥಿಗಳು ಗ್ರಾಮೀಣ ಜನರ ಜೀವನವನ್ನು ಅರಿಯಲು ಶಿಬಿರ ಸಹಕಾರಿ ಎಂದರು. ಗ್ರಾಮದ ಹಿರಿಯರು, ಉಪನ್ಯಾಸಕರು, ಶಿಬಿರಾರ್ಥಿಗಳು ಉಪಸ್ಥಿತರಿದ್ದರು.
ತಪಸ್ಸು, ತ್ಯಾಗದ ಪ್ರತಿರೂಪ ಜೈನ ಸಮುದಾಯ
ರಾಯಬಾಗ: ಜೈನ ಧರ್ಮದ ತತ್ವ ಸಿದ್ಧಾಂತಗಳು ಇಡೀ ಸಮಾಜಕ್ಕೆ ಮಾರ್ಗದರ್ಶಿಯಾಗಿವೆ. ತಪಸ್ಸು, ತ್ಯಾಗ ಹಾಗೂ ಅಹಿಂಸೆಯ ಪ್ರತಿರೂಪ ಜೈನ ಸಮುದಾಯ ಎಂದು ಗಣ್ಯರು ಹೇಳಿದರು. ಪಟ್ಟಣದಲ್ಲಿ ಆಯೋಜಿಸಿದ್ದ ಸಮಾರಂಭದಲ್ಲಿ ಮಾತನಾಡಿದರು. ಸಮಾಜ ಶಿಕ್ಷಣ, ಆರೋಗ್ಯ ಹಾಗೂ ಸೇವಾ ಕ್ಷೇತ್ರದಲ್ಲಿ ಮಹತ್ವದ ಕೊಡುಗೆ ನೀಡಿದೆ. ಯುವಜನತೆ ಧರ್ಮದ ಮಾರ್ಗದಲ್ಲಿ ನಡೆಯಬೇಕು ಎಂದರು. ಕಾರ್ಯಕ್ರಮದಲ್ಲಿ ಸಮಾಜದ ಪ್ರಮುಖರು, ಮಹಿಳೆಯರು, ಶ್ರಾವಕರು ಪಾಲ್ಗೊಂಡಿದ್ದರು. ಸಾಧಕರನ್ನು ಸನ್ಮಾನಿಸಲಾಯಿತು. ಪ್ರವಚನ ಹಾಗೂ ಪ್ರಸಾದ ವಿತರಣೆ ನಡೆಯಿತು.
